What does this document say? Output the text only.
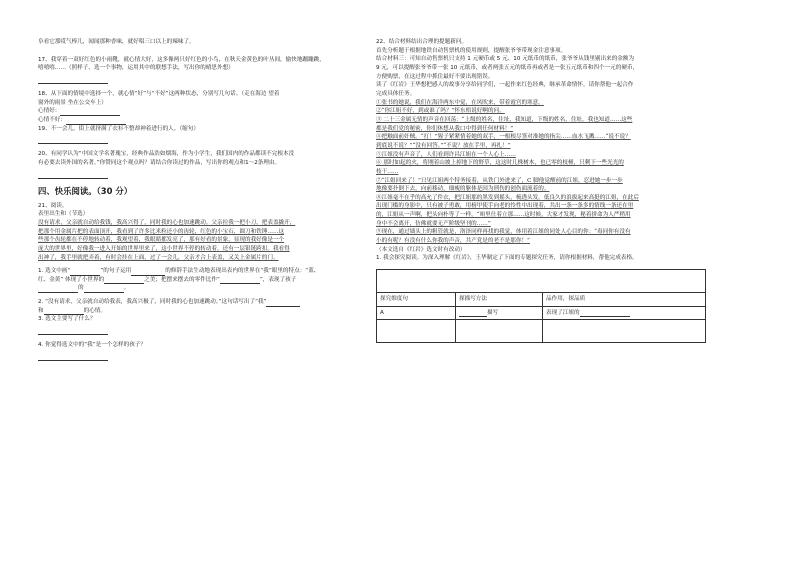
阜看它那哎气棒儿，闻闻那种香味，就好唱三口以上的辣味了。
17、我穿着一双好红色的小雨靴，就心情大好，这多像两只好红色的小鸟，在秋天金黄色的叶丛间，愉快地蹦蹦跳，
嘻嘻嘻……（照样子，选一个事物，运用其中的联想手法，写出你的晴思外想）
18、从下面的情境中选择一个，就心情“好”与“不好”这两种状态，分别写几句话。（走在海边 望着
窗外的雨景 坐在公交车上）
心情好：
心情不好：
19、不一会儿，街上就挤满了衣衫不整却神着进行的人。（缩句）
20、有同学认为“中国文学名著瑰宝，经典作品浩如烟海，作为小学生，我们国内的作品都读不完根本没
有必要去读外国的名著。”你赞同这个观点吗？请结合你读过的作品，写出你的观点和1～2条理由。
四、快乐阅读。（30 分）
21、阅读。
表里出生和（节选）
没有请求，父亲就自动给我钱，我高兴得了，同时我的心也加速跳动。父亲拉我一把小刀，把表盖撬开，
把那个用金属片把的表面顶开，我看到了许多比米粒还小的齿轮，红色的小宝石，圆刀和铁锤……这
些那个齿轮都在不停地转动着，我观望着，我眼睛都发亮了，那有好看的景象，显现的我好像是一个
庞大的世界里，好像我一进入开始的世界里来了，这小世界不停的转动着，还有一层银链跨扣。我看得
出神了，我手里就把弄着，有时会挂在上面，过了一会儿，父亲才合上表盖，又关上金属片的门。
1. 选文中画“	”的句子运用	的修辞手法生动地表现出表内的世界在“我”眼里的特点：“蓝、
红、金黄” 体现了小世界的	之美；把摆来摆去的零件比作“	”，表现了孩子
的	。
2. “没有请求，父亲就自动给我表，我高兴极了，同时我的心也加速跳动。”这句话写出了“我”
和	的心情。
3. 选文主要写了什么？
4. 你觉得选文中的“我”是一个怎样的孩子？
22、结合材料结出合理的提题新问。
首先分析题干根据地铁自动售票机的使用规则，提醒张爷爷带现金注意事项。
结合材料三：可知自动售票机只支持 1 元硬币或 5 元、10 元纸币的纸币，张爷爷从钱里剔出来的金额为
9 元，可以提醒张爷爷带一张 10 元纸币，或者两张五元的纸币再或者是一张五元纸币和四个一元的硬币，
方便购票，在这过程中抓住最好不要出现错误。
读了《红岩》王华想把感人的故事分享给同学们，一起作来红色经典，继承革命情怀。请你帮他一起合作
完成具体任务。
①张书的她说，我们在海洋两东中觉，在风吹来，带着霞宫的寒意。
②“你江姐不好，到或谁了吗？”怀东梧说好啊的问。
③ 二十三金属无情的声音在回荡：“上级的姓名，住址，我知道，下级的姓名，住址，我也知道……这些
都是我们党的秘密，你们休想从我口中得到任何材料！”
④把触面前奸贼。“打！”猩子紧紧情着她的双手，一根根尽签对准她的指尖……血水飞溅……“说不说？
到底说不说？”“没有回答。”“不说？放在手里，再扎！”
⑤江姐没有声音了，人们看到许昌江姐在一个人心上……
⑥ 那时如起的火，将刚着山坡上掉地下的野草，这这时几株树木，也已零的枝桠，只剩下一些光光的
枝干……
⑦“江姐回来了！”只见江姐两个特务接着，从铁门外进来了，C 脚他觉醒前的江姐，忍进她一步一步
地像要扑倒下去，向前移动，细瘦的躯体是因为刑伤的创伤面流着的。
⑧江姐毫不在乎的高允了件衣，把江姐那的黑发到摇头，梳透头发。低良久的浪拔起来高挺的江姐，在此后
出现门槛的身影中，只有被子勇敢，用榜甲使手向老的怜性中出现着，共出一条一条多的情线一条还在里
的，江姐从一声啊，把头向朴等了一样，“咱里仕着立那……这时候，大家才发现，秘着拼命为人严稍用
身中不会离开，仿佛就要无产阶级坚刊的……”
⑨现在，通过墙头上的粗管就是，洛泽同样再找的我觉，体用着江姐的同处人心目的你：“毒同你有没有
小的有呢？有没有什么你我的声音，共产党是的老不是那你！”
（本文选自《红岩》选文时有改动）
1. 我会探究阅读。为深入理解《红岩》，王华制定了下面的专题探究任务，请你根据材料，帮他完成表格。

探究维度句	探描写方法	品作用，探品质
A	描写	表现了江姐的
